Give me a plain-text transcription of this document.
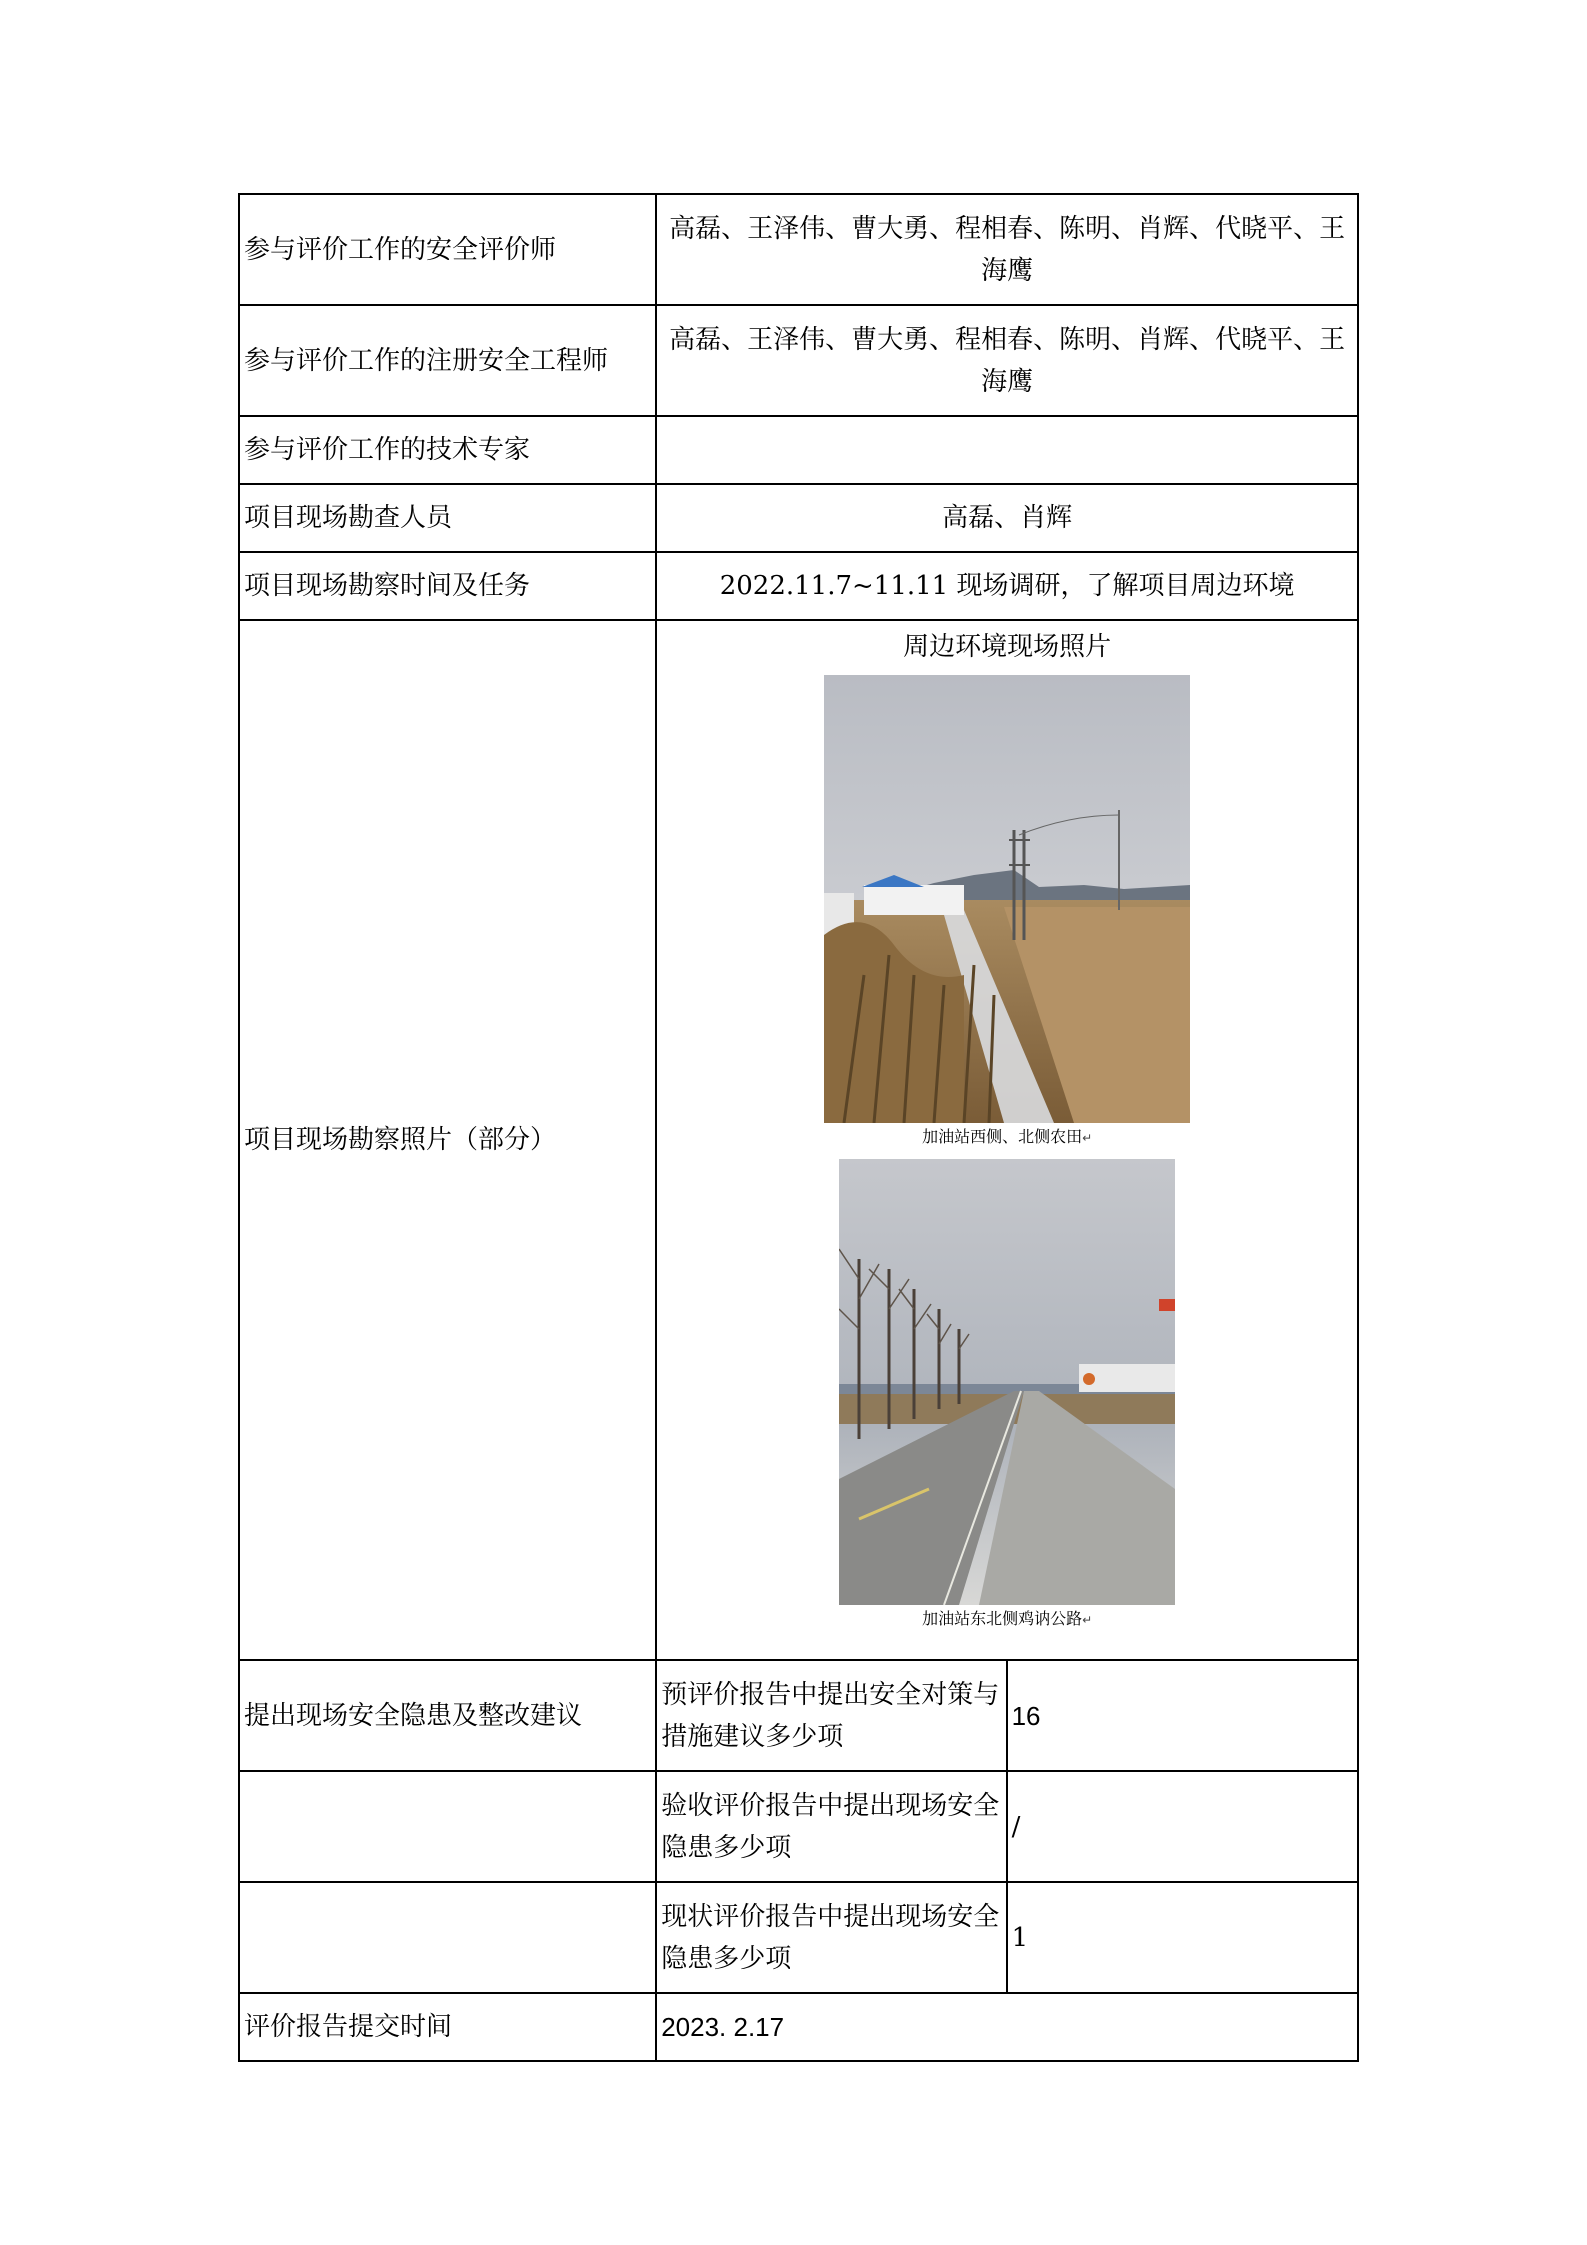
参与评价工作的安全评价师	高磊、王泽伟、曹大勇、程相春、陈明、肖辉、代晓平、王海鹰	
参与评价工作的注册安全工程师	高磊、王泽伟、曹大勇、程相春、陈明、肖辉、代晓平、王海鹰	
参与评价工作的技术专家		
项目现场勘查人员	高磊、肖辉	
项目现场勘察时间及任务	2022.11.7~11.11 现场调研，了解项目周边环境	
项目现场勘察照片（部分）	周边环境现场照片
加油站西侧、北侧农田↵
加油站东北侧鸡讷公路↵	

提出现场安全隐患及整改建议	预评价报告中提出安全对策与措施建议多少项	16
	验收评价报告中提出现场安全隐患多少项	/
	现状评价报告中提出现场安全隐患多少项	1
评价报告提交时间	2023. 2.17	
